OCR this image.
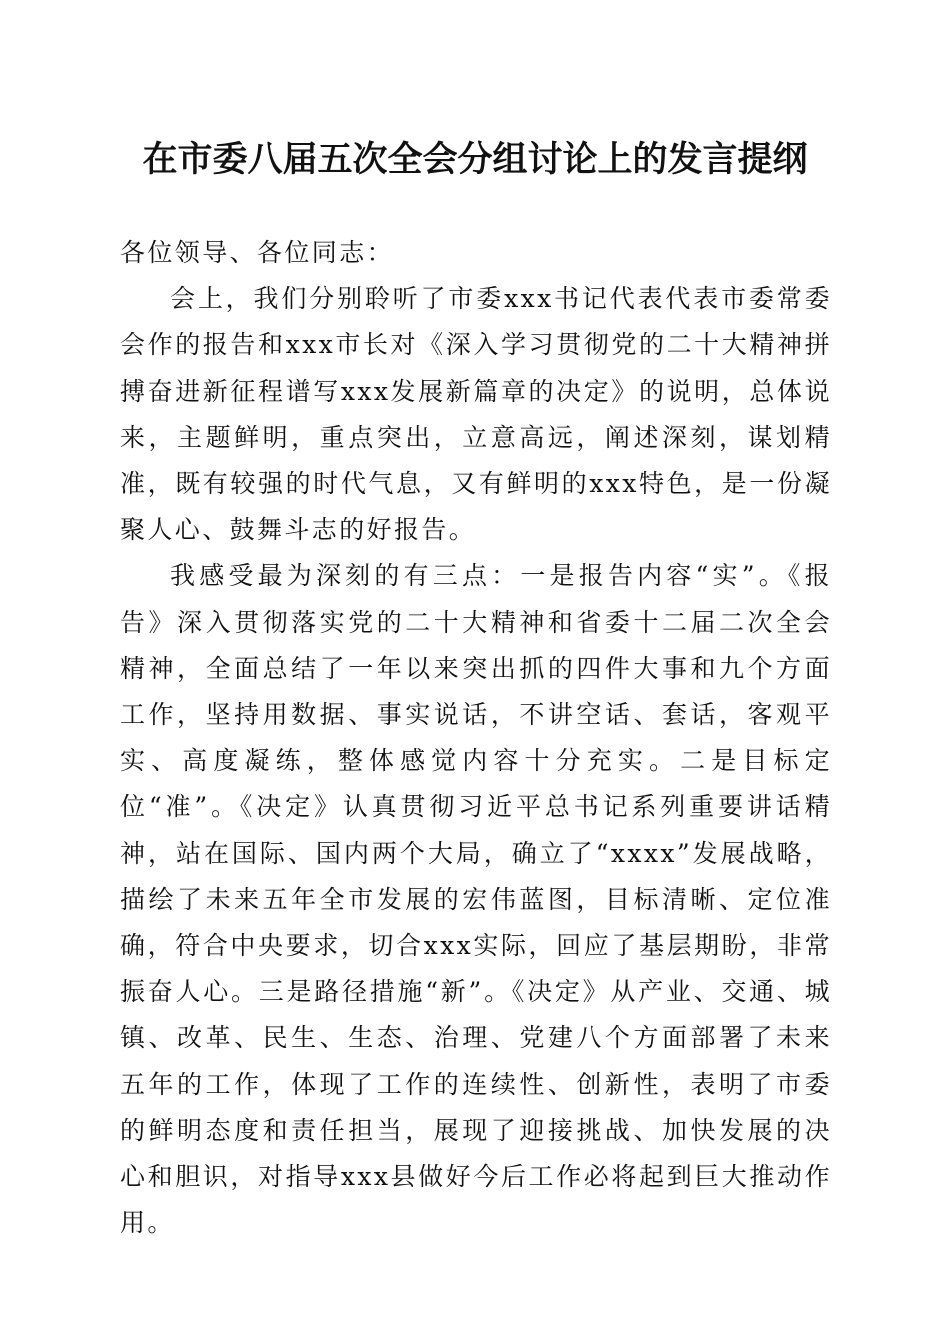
在市委八届五次全会分组讨论上的发言提纲

各位领导、各位同志：

会上，我们分别聆听了市委xxx书记代表代表市委常委会作的报告和xxx市长对《深入学习贯彻党的二十大精神拼搏奋进新征程谱写xxx发展新篇章的决定》的说明，总体说来，主题鲜明，重点突出，立意高远，阐述深刻，谋划精准，既有较强的时代气息，又有鲜明的xxx特色，是一份凝聚人心、鼓舞斗志的好报告。

我感受最为深刻的有三点：一是报告内容“实”。《报告》深入贯彻落实党的二十大精神和省委十二届二次全会精神，全面总结了一年以来突出抓的四件大事和九个方面工作，坚持用数据、事实说话，不讲空话、套话，客观平实、高度凝练，整体感觉内容十分充实。二是目标定位“准”。《决定》认真贯彻习近平总书记系列重要讲话精神，站在国际、国内两个大局，确立了“xxxx”发展战略，描绘了未来五年全市发展的宏伟蓝图，目标清晰、定位准确，符合中央要求，切合xxx实际，回应了基层期盼，非常振奋人心。三是路径措施“新”。《决定》从产业、交通、城镇、改革、民生、生态、治理、党建八个方面部署了未来五年的工作，体现了工作的连续性、创新性，表明了市委的鲜明态度和责任担当，展现了迎接挑战、加快发展的决心和胆识，对指导xxx县做好今后工作必将起到巨大推动作用。
